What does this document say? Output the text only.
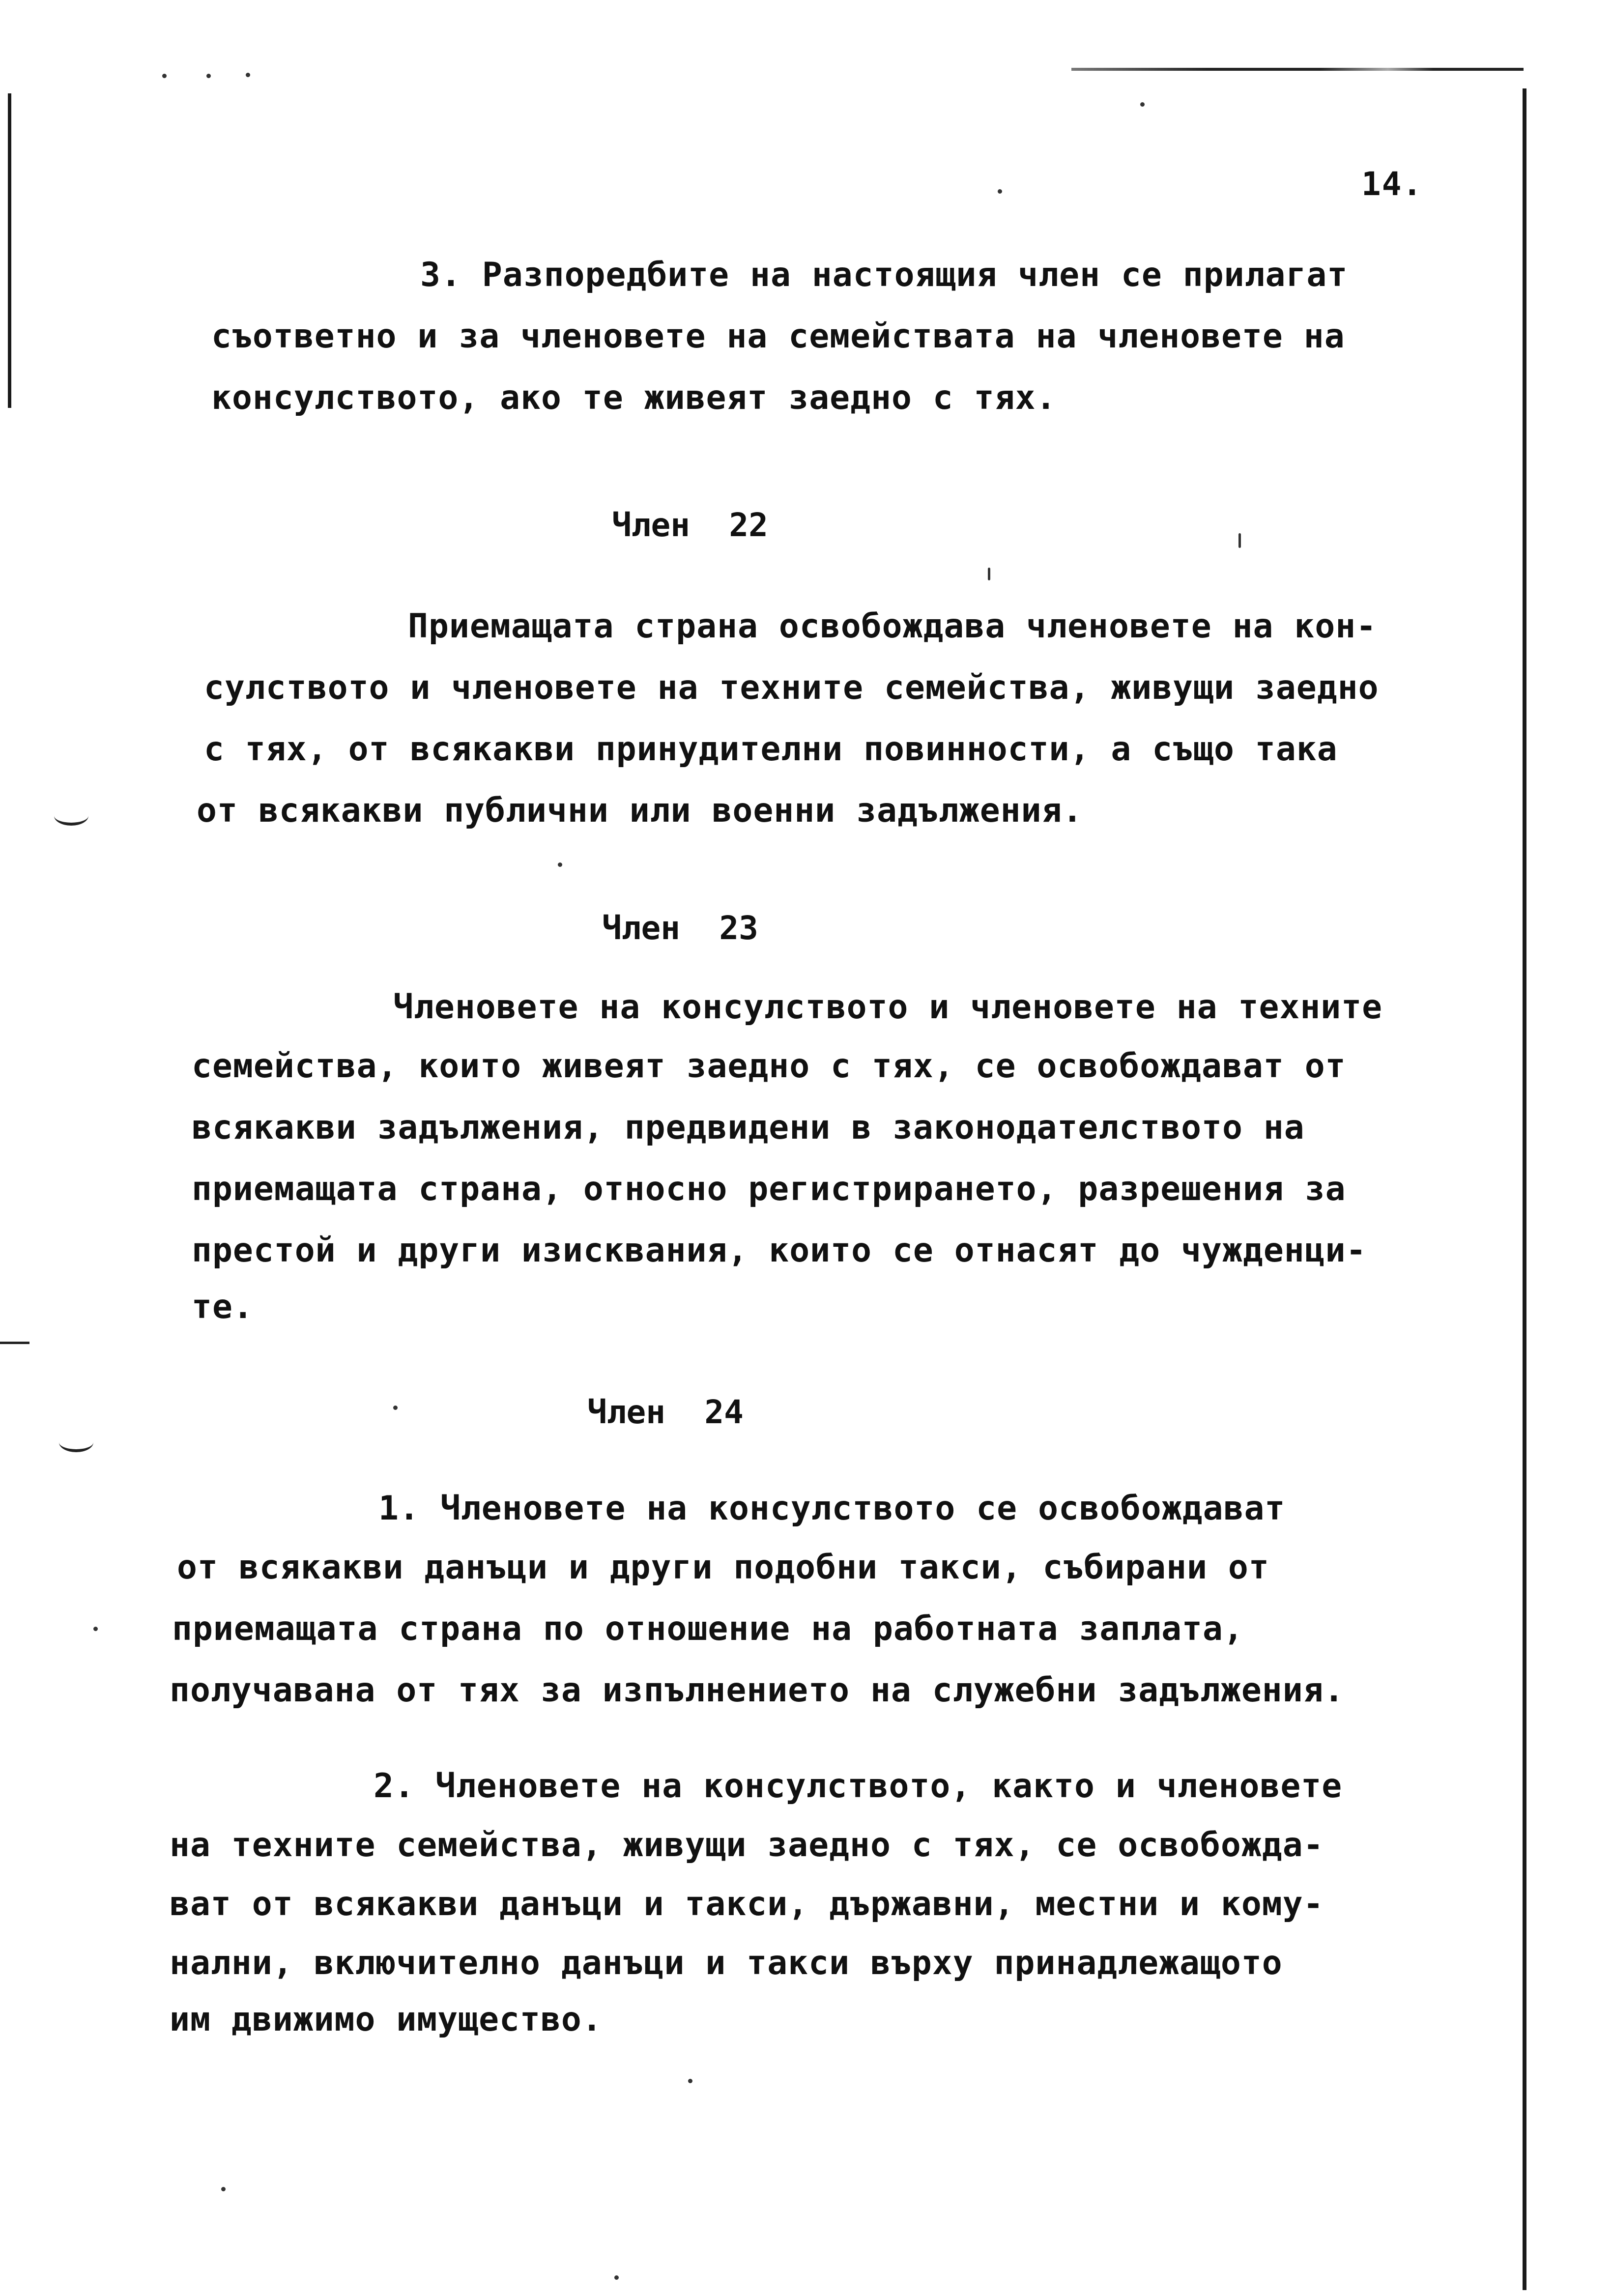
14.
3. Разпоредбите на настоящия член се прилагат
съответно и за членовете на семействата на членовете на
консулството, ако те живеят заедно с тях.
Член  22
Приемащата страна освобождава членовете на кон-
сулството и членовете на техните семейства, живущи заедно
с тях, от всякакви принудителни повинности, а също така
от всякакви публични или военни задължения.
Член  23
Членовете на консулството и членовете на техните
семейства, които живеят заедно с тях, се освобождават от
всякакви задължения, предвидени в законодателството на
приемащата страна, относно регистрирането, разрешения за
престой и други изисквания, които се отнасят до чужденци-
те.
Член  24
1. Членовете на консулството се освобождават
от всякакви данъци и други подобни такси, събирани от
приемащата страна по отношение на работната заплата,
получавана от тях за изпълнението на служебни задължения.
2. Членовете на консулството, както и членовете
на техните семейства, живущи заедно с тях, се освобожда-
ват от всякакви данъци и такси, държавни, местни и кому-
нални, включително данъци и такси върху принадлежащото
им движимо имущество.
